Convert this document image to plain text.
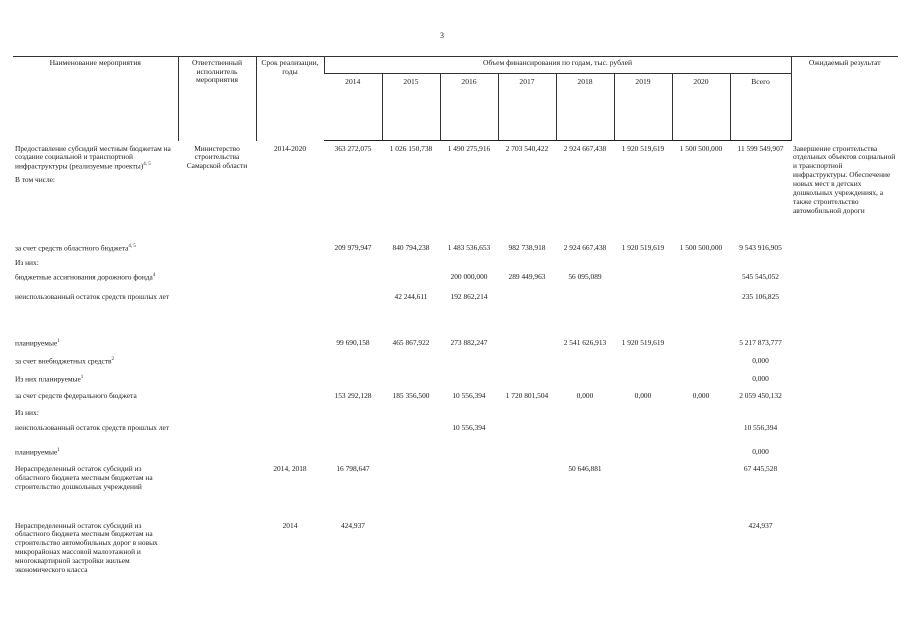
3
Наименование мероприятия	Ответственный исполнитель мероприятия	Срок реализации, годы	Объем финансирования по годам, тыс. рублей								Ожидаемый результат
			2014	2015	2016	2017	2018	2019	2020	Всего	
Предоставление субсидий местным бюджетам на создание социальной и транспортной инфраструктуры (реализуемые проекты)$^{4, 5}$	Министерство строительства Самарской области	2014-2020	363 272,075	1 026 150,738	1 490 275,916	2 703 540,422	2 924 667,438	1 920 519,619	1 500 500,000	11 599 549,907	Завершение строительства отдельных объектов социальной и транспортной инфраструктуры. Обеспечение новых мест в детских дошкольных учреждениях, а также строительство автомобильной дороги

В том числе:											

за счет средств областного бюджета$^{4, 5}$			209 979,947	840 794,238	1 483 536,653	982 738,918	2 924 667,438	1 920 519,619	1 500 500,000	9 543 916,905	

Из них:											

бюджетные ассигнования дорожного фонда$^4$					200 000,000	289 449,963	56 095,089			545 545,052	

неиспользованный остаток средств прошлых лет				42 244,611	192 862,214					235 106,825	

планируемые$^1$			99 690,158	465 867,922	273 882,247		2 541 626,913	1 920 519,619		5 217 873,777	

за счет внебюджетных средств$^2$										0,000	

Из них планируемые$^1$										0,000	

за счет средств федерального бюджета			153 292,128	185 356,500	10 556,394	1 720 801,504	0,000	0,000	0,000	2 059 450,132	

Из них:											

неиспользованный остаток средств прошлых лет					10 556,394					10 556,394	

планируемые$^1$										0,000	

Нераспределенный остаток субсидий из областного бюджета местным бюджетам на строительство дошкольных учреждений		2014, 2018	16 798,647				50 646,881			67 445,528	

Нераспределенный остаток субсидий из областного бюджета местным бюджетам на строительство автомобильных дорог в новых микрорайонах массовой малоэтажной и многоквартирной застройки жильем экономического класса		2014	424,937							424,937	
